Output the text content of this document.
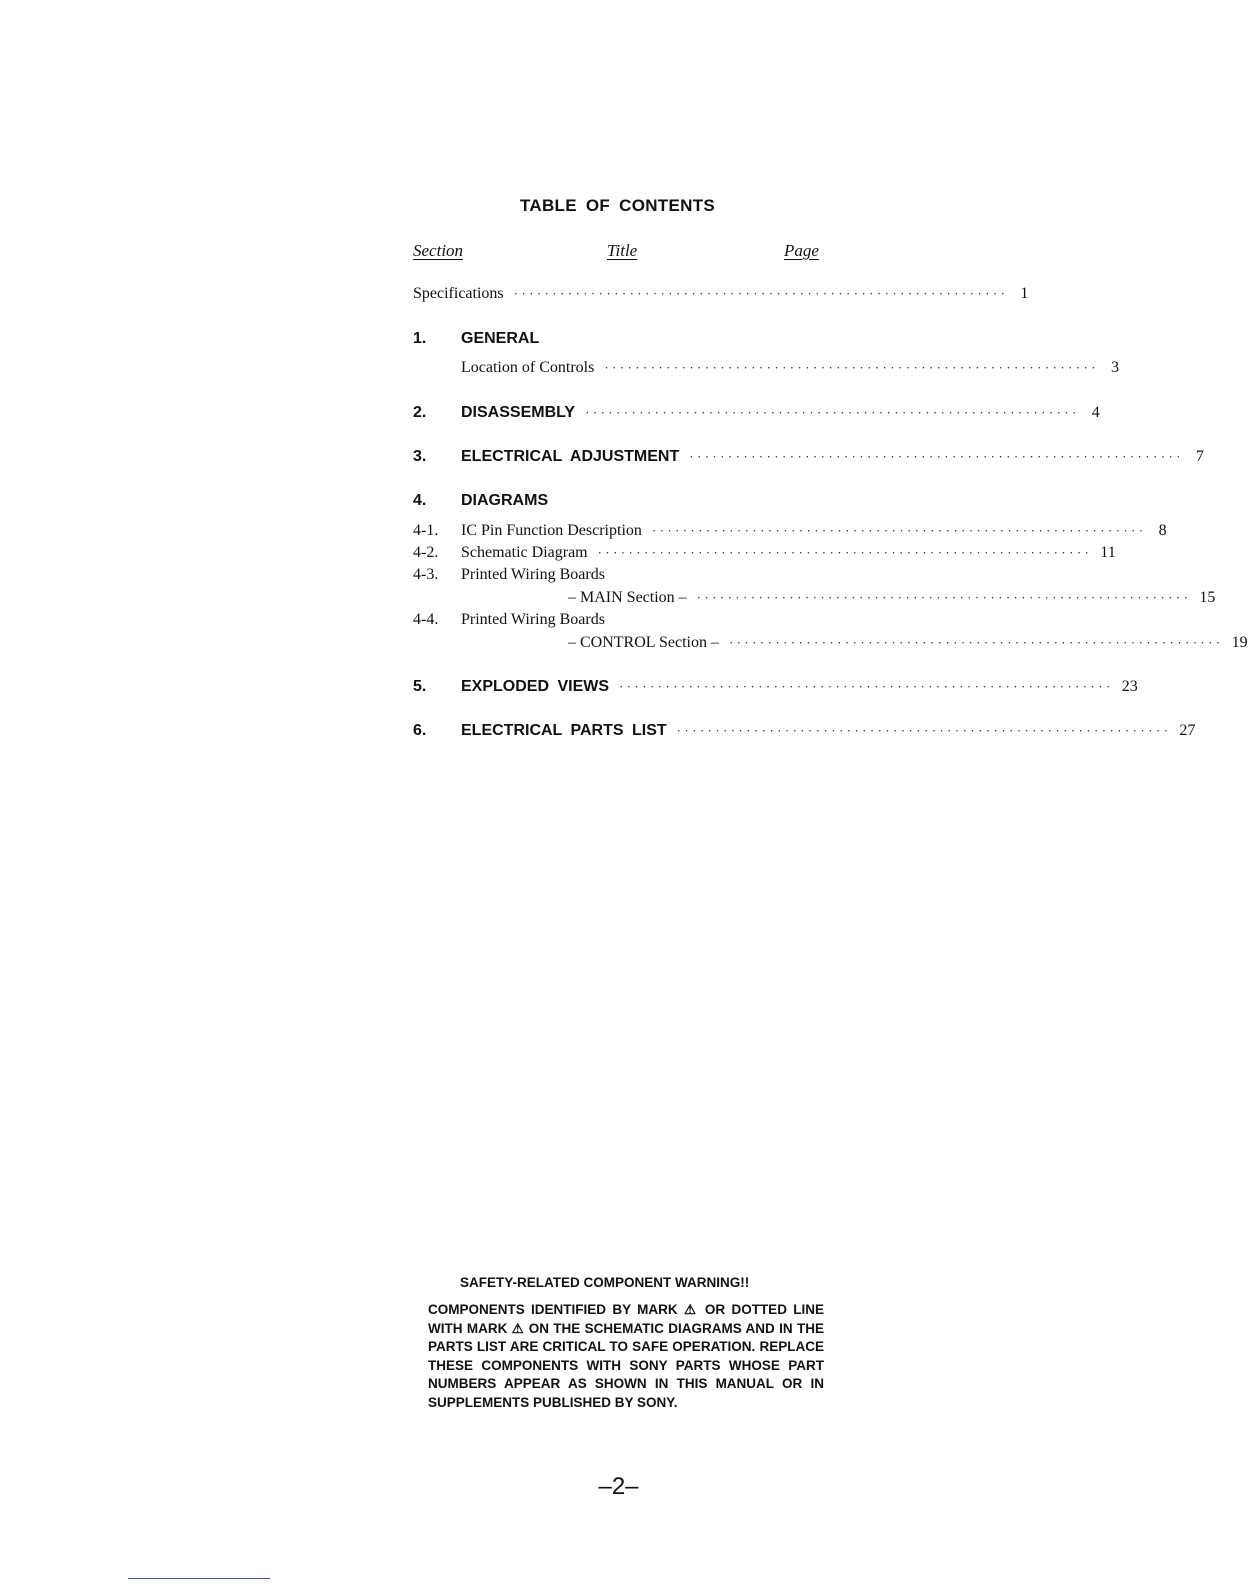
TABLE OF CONTENTS
Section	Title	Page
Specifications ································································ 1
1.	GENERAL
Location of Controls ································································ 3
2.	DISASSEMBLY ································································ 4
3.	ELECTRICAL ADJUSTMENT ································································ 7
4.	DIAGRAMS
4-1.	IC Pin Function Description ································································ 8
4-2.	Schematic Diagram ································································ 11
4-3.	Printed Wiring Boards
– MAIN Section – ································································ 15
4-4.	Printed Wiring Boards
– CONTROL Section – ································································ 19
5.	EXPLODED VIEWS ································································ 23
6.	ELECTRICAL PARTS LIST ································································ 27
SAFETY-RELATED COMPONENT WARNING!!

COMPONENTS IDENTIFIED BY MARK ⚠ OR DOTTED LINE WITH MARK ⚠ ON THE SCHEMATIC DIAGRAMS AND IN THE PARTS LIST ARE CRITICAL TO SAFE OPERATION. REPLACE THESE COMPONENTS WITH SONY PARTS WHOSE PART NUMBERS APPEAR AS SHOWN IN THIS MANUAL OR IN SUPPLEMENTS PUBLISHED BY SONY.

–2–
